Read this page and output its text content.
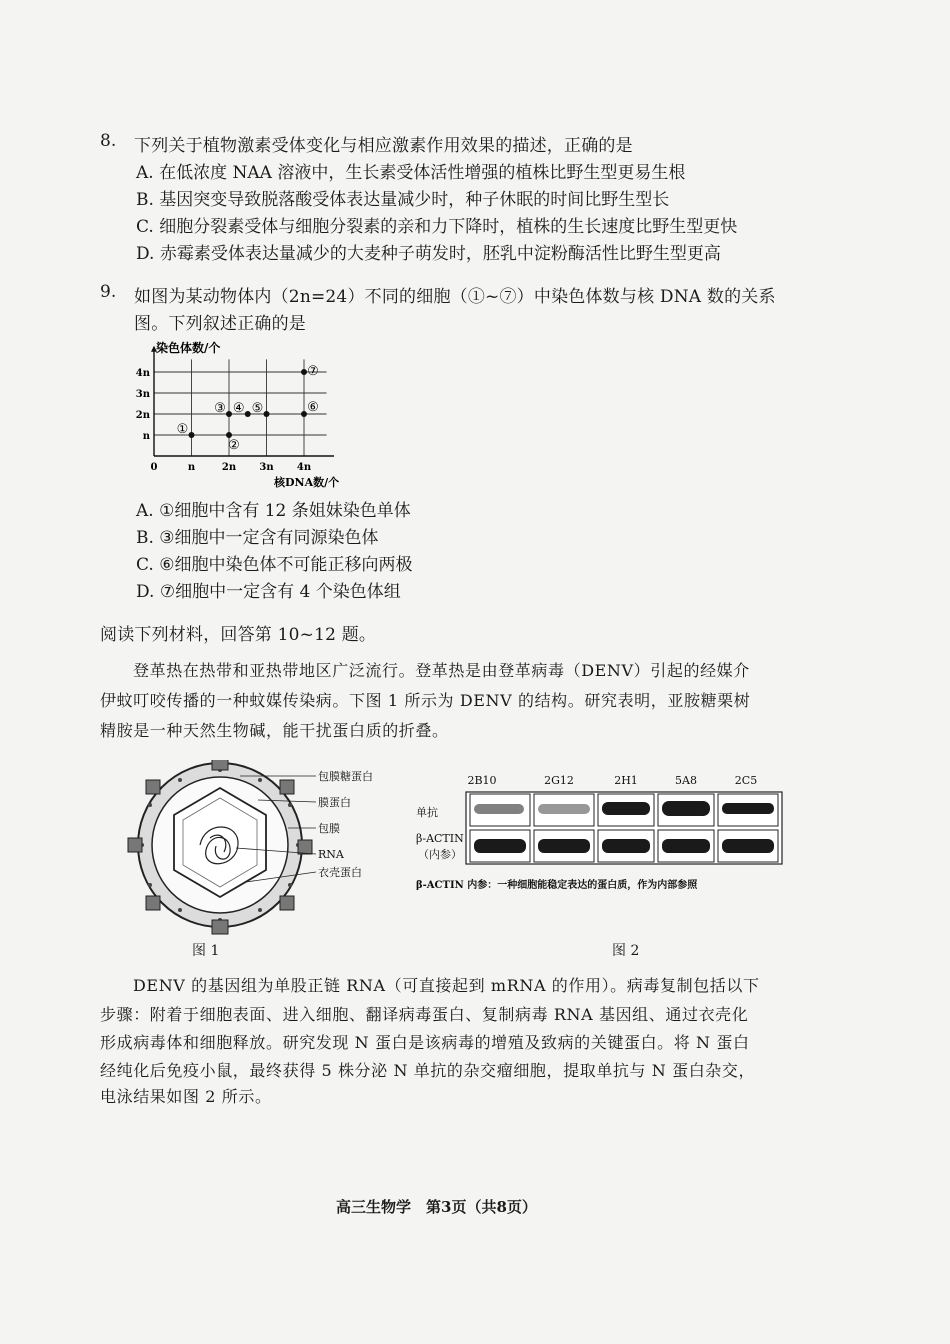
8. 下列关于植物激素受体变化与相应激素作用效果的描述，正确的是
A. 在低浓度 NAA 溶液中，生长素受体活性增强的植株比野生型更易生根
B. 基因突变导致脱落酸受体表达量减少时，种子休眠的时间比野生型长
C. 细胞分裂素受体与细胞分裂素的亲和力下降时，植株的生长速度比野生型更快
D. 赤霉素受体表达量减少的大麦种子萌发时，胚乳中淀粉酶活性比野生型更高
9. 如图为某动物体内（2n=24）不同的细胞（①~⑦）中染色体数与核 DNA 数的关系
图。下列叙述正确的是
染色体数/个
核DNA数/个
0	n	2n 3n 4n
n
2n
3n
4n
①
②
③ ④ ⑤	⑥
⑦
A. ①细胞中含有 12 条姐妹染色单体
B. ③细胞中一定含有同源染色体
C. ⑥细胞中染色体不可能正移向两极
D. ⑦细胞中一定含有 4 个染色体组
阅读下列材料，回答第 10~12 题。
登革热在热带和亚热带地区广泛流行。登革热是由登革病毒（DENV）引起的经媒介
伊蚊叮咬传播的一种蚊媒传染病。下图 1 所示为 DENV 的结构。研究表明，亚胺糖栗树
精胺是一种天然生物碱，能干扰蛋白质的折叠。
包膜糖蛋白
膜蛋白
包膜
RNA
衣壳蛋白
图 1
2B10	2G12	2H1	5A8	2C5
单抗
β-ACTIN
（内参）
β-ACTIN 内参：一种细胞能稳定表达的蛋白质，作为内部参照
图 2
DENV 的基因组为单股正链 RNA（可直接起到 mRNA 的作用）。病毒复制包括以下
步骤：附着于细胞表面、进入细胞、翻译病毒蛋白、复制病毒 RNA 基因组、通过衣壳化
形成病毒体和细胞释放。研究发现 N 蛋白是该病毒的增殖及致病的关键蛋白。将 N 蛋白
经纯化后免疫小鼠，最终获得 5 株分泌 N 单抗的杂交瘤细胞，提取单抗与 N 蛋白杂交，
电泳结果如图 2 所示。
高三生物学　第3页（共8页）
